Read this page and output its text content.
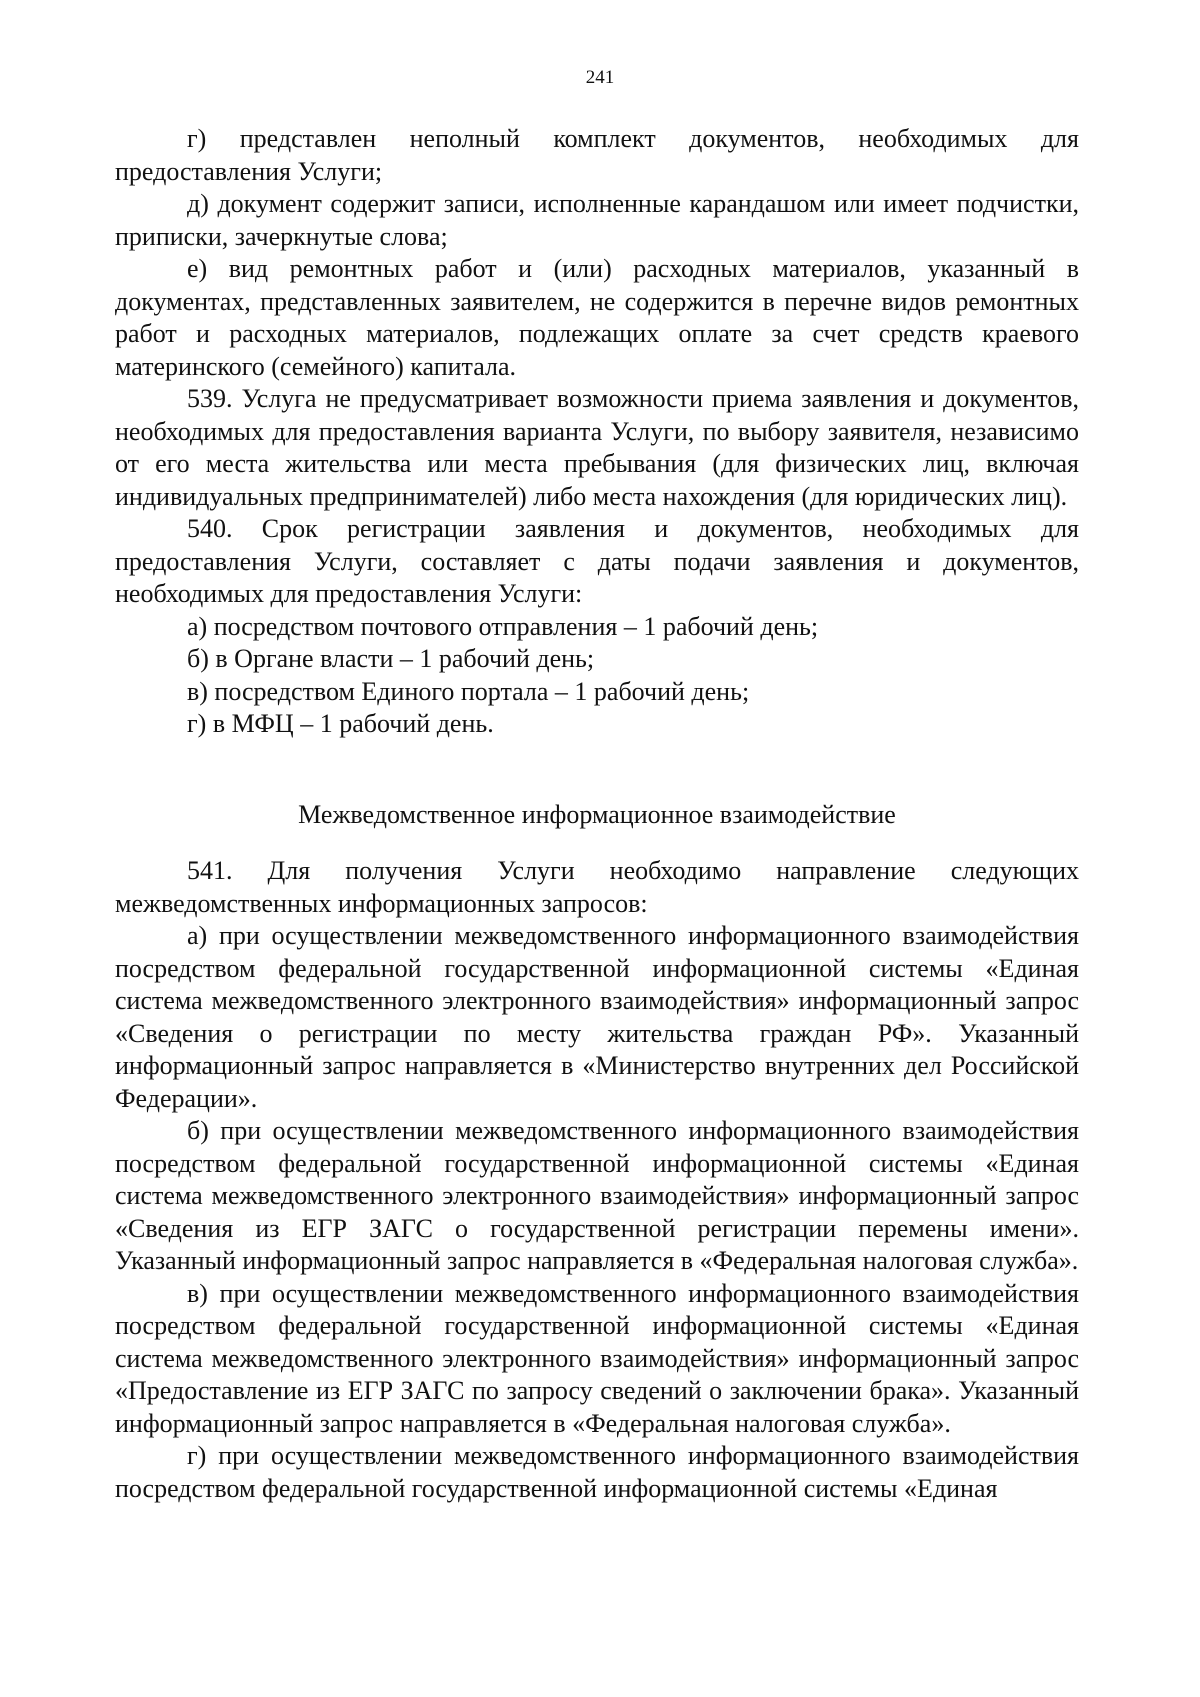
241

г) представлен неполный комплект документов, необходимых для предоставления Услуги;

д) документ содержит записи, исполненные карандашом или имеет подчистки, приписки, зачеркнутые слова;

е) вид ремонтных работ и (или) расходных материалов, указанный в документах, представленных заявителем, не содержится в перечне видов ремонтных работ и расходных материалов, подлежащих оплате за счет средств краевого материнского (семейного) капитала.

539. Услуга не предусматривает возможности приема заявления и документов, необходимых для предоставления варианта Услуги, по выбору заявителя, независимо от его места жительства или места пребывания (для физических лиц, включая индивидуальных предпринимателей) либо места нахождения (для юридических лиц).

540. Срок регистрации заявления и документов, необходимых для предоставления Услуги, составляет с даты подачи заявления и документов, необходимых для предоставления Услуги:

а) посредством почтового отправления – 1 рабочий день;

б) в Органе власти – 1 рабочий день;

в) посредством Единого портала – 1 рабочий день;

г) в МФЦ – 1 рабочий день.

Межведомственное информационное взаимодействие

541. Для получения Услуги необходимо направление следующих межведомственных информационных запросов:

а) при осуществлении межведомственного информационного взаимодействия посредством федеральной государственной информационной системы «Единая система межведомственного электронного взаимодействия» информационный запрос «Сведения о регистрации по месту жительства граждан РФ». Указанный информационный запрос направляется в «Министерство внутренних дел Российской Федерации».

б) при осуществлении межведомственного информационного взаимодействия посредством федеральной государственной информационной системы «Единая система межведомственного электронного взаимодействия» информационный запрос «Сведения из ЕГР ЗАГС о государственной регистрации перемены имени». Указанный информационный запрос направляется в «Федеральная налоговая служба».

в) при осуществлении межведомственного информационного взаимодействия посредством федеральной государственной информационной системы «Единая система межведомственного электронного взаимодействия» информационный запрос «Предоставление из ЕГР ЗАГС по запросу сведений о заключении брака». Указанный информационный запрос направляется в «Федеральная налоговая служба».

г) при осуществлении межведомственного информационного взаимодействия посредством федеральной государственной информационной системы «Единая
